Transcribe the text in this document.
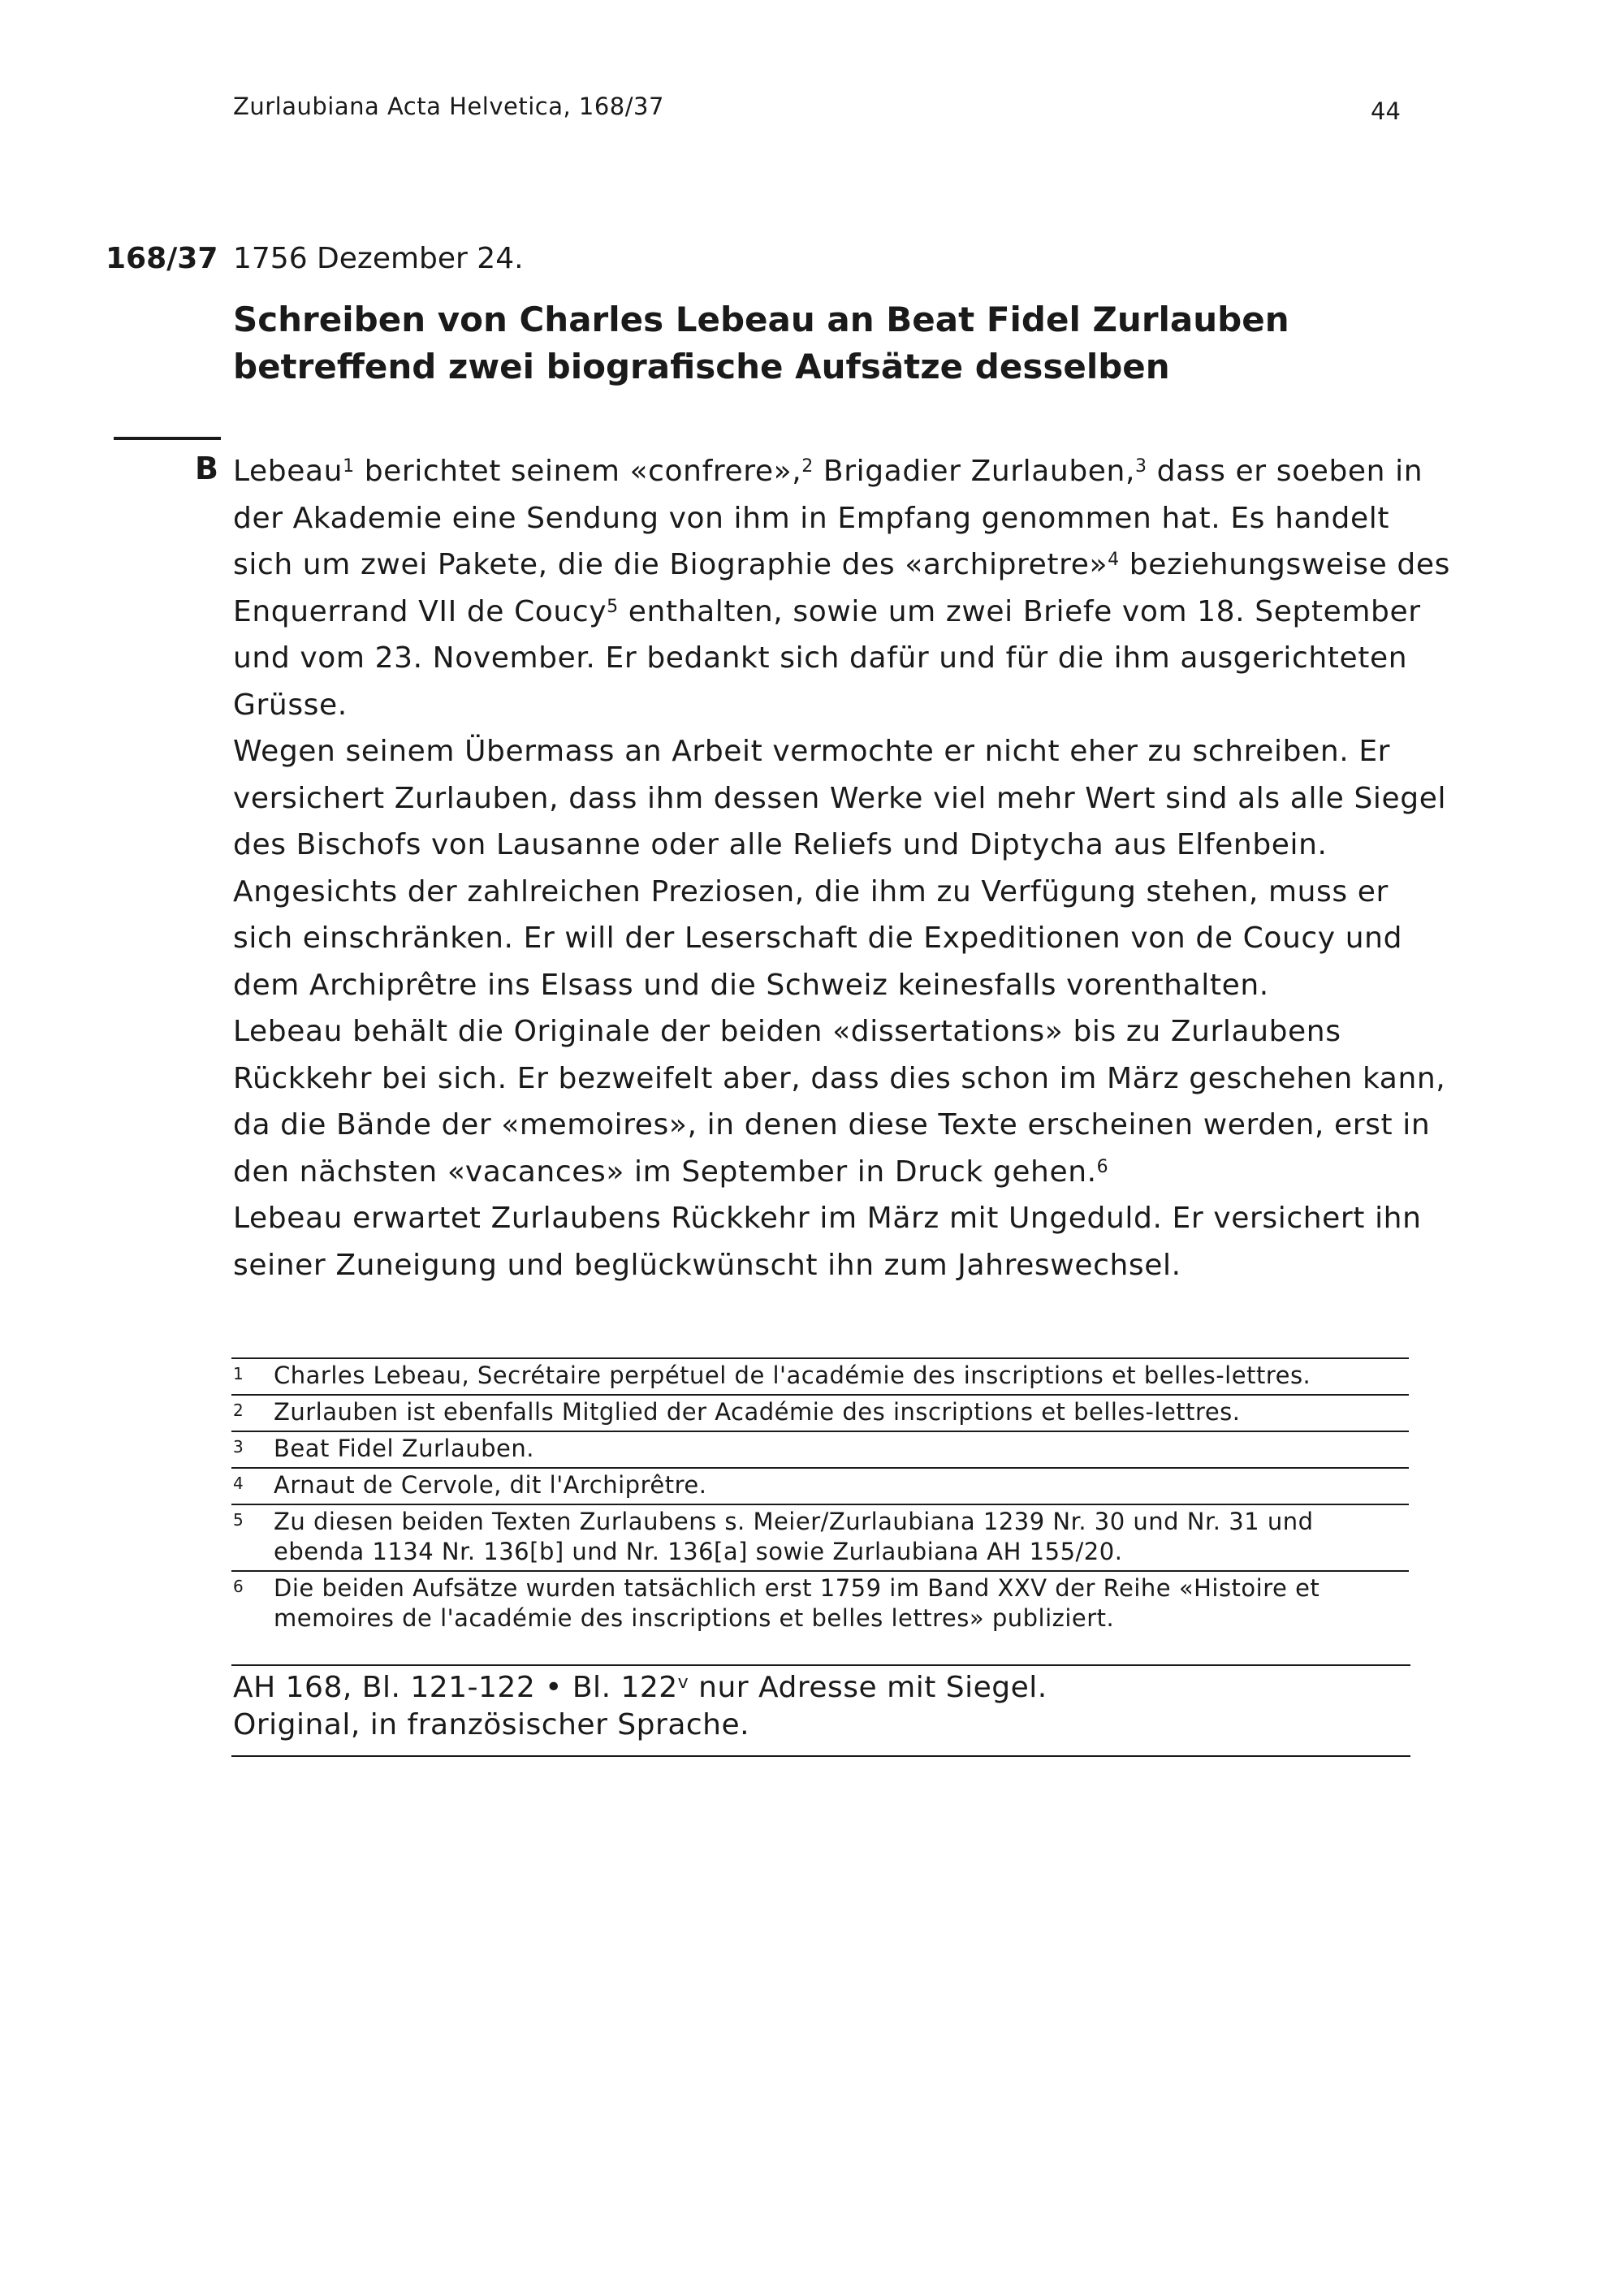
Zurlaubiana Acta Helvetica, 168/37	44
168/37 1756 Dezember 24.
Schreiben von Charles Lebeau an Beat Fidel Zurlauben
betreffend zwei biografische Aufsätze desselben
B Lebeau$^1$ berichtet seinem «confrere»,$^2$ Brigadier Zurlauben,$^3$ dass er soeben in
der Akademie eine Sendung von ihm in Empfang genommen hat. Es handelt
sich um zwei Pakete, die die Biographie des «archipretre»$^4$ beziehungsweise des
Enquerrand VII de Coucy$^5$ enthalten, sowie um zwei Briefe vom 18. September
und vom 23. November. Er bedankt sich dafür und für die ihm ausgerichteten
Grüsse.
Wegen seinem Übermass an Arbeit vermochte er nicht eher zu schreiben. Er
versichert Zurlauben, dass ihm dessen Werke viel mehr Wert sind als alle Siegel
des Bischofs von Lausanne oder alle Reliefs und Diptycha aus Elfenbein.
Angesichts der zahlreichen Preziosen, die ihm zu Verfügung stehen, muss er
sich einschränken. Er will der Leserschaft die Expeditionen von de Coucy und
dem Archiprêtre ins Elsass und die Schweiz keinesfalls vorenthalten.
Lebeau behält die Originale der beiden «dissertations» bis zu Zurlaubens
Rückkehr bei sich. Er bezweifelt aber, dass dies schon im März geschehen kann,
da die Bände der «memoires», in denen diese Texte erscheinen werden, erst in
den nächsten «vacances» im September in Druck gehen.$^6$
Lebeau erwartet Zurlaubens Rückkehr im März mit Ungeduld. Er versichert ihn
seiner Zuneigung und beglückwünscht ihn zum Jahreswechsel.
1 Charles Lebeau, Secrétaire perpétuel de l'académie des inscriptions et belles-lettres.
2 Zurlauben ist ebenfalls Mitglied der Académie des inscriptions et belles-lettres.
3 Beat Fidel Zurlauben.
4 Arnaut de Cervole, dit l'Archiprêtre.
5 Zu diesen beiden Texten Zurlaubens s. Meier/Zurlaubiana 1239 Nr. 30 und Nr. 31 und
ebenda 1134 Nr. 136[b] und Nr. 136[a] sowie Zurlaubiana AH 155/20.
6 Die beiden Aufsätze wurden tatsächlich erst 1759 im Band XXV der Reihe «Histoire et
memoires de l'académie des inscriptions et belles lettres» publiziert.
AH 168, Bl. 121-122 • Bl. 122$^v$ nur Adresse mit Siegel.
Original, in französischer Sprache.
